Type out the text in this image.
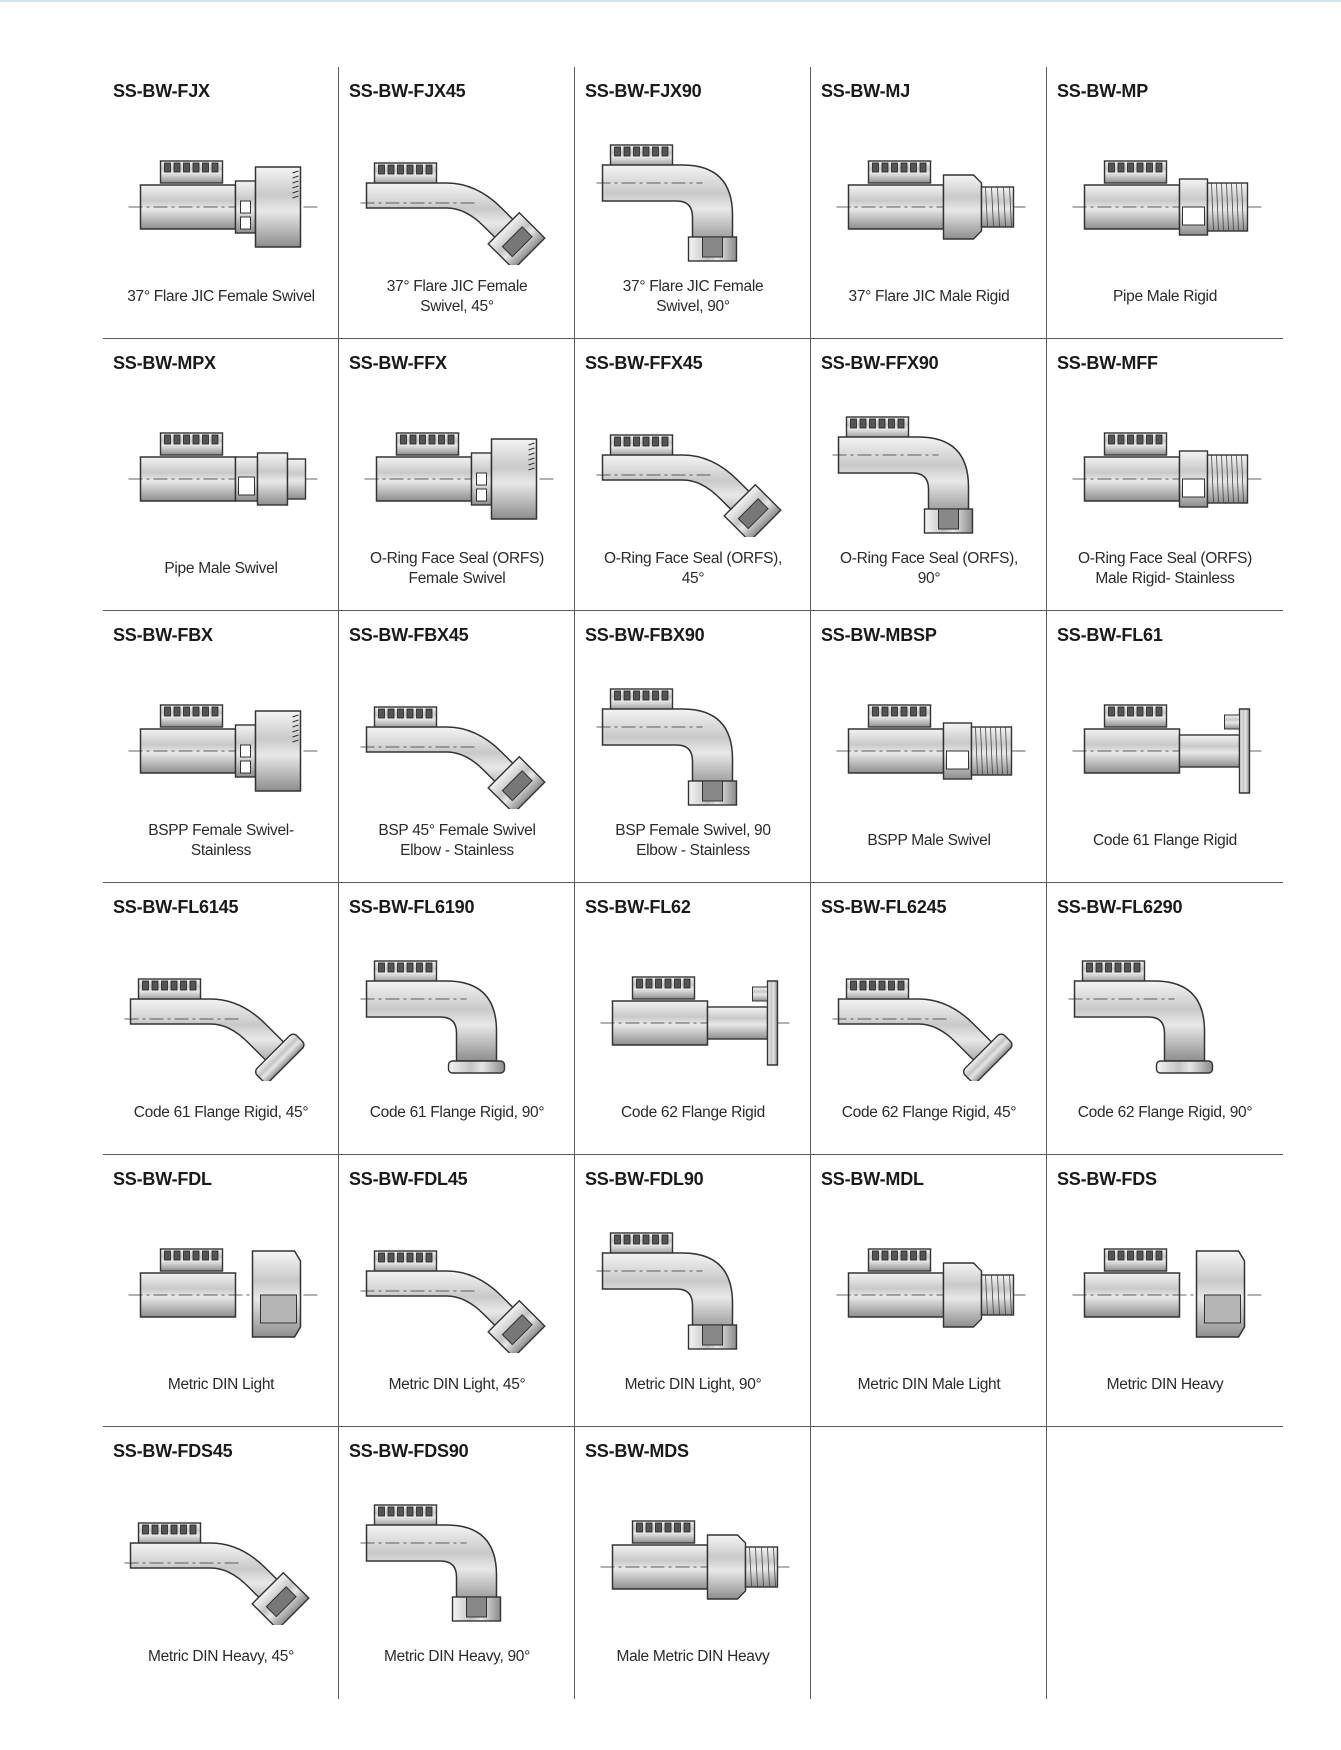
SS-BW-FJX
37° Flare JIC Female Swivel
SS-BW-FJX45
37° Flare JIC Female
Swivel, 45°
SS-BW-FJX90
37° Flare JIC Female
Swivel, 90°
SS-BW-MJ
37° Flare JIC Male Rigid
SS-BW-MP
Pipe Male Rigid
SS-BW-MPX
Pipe Male Swivel
SS-BW-FFX
O-Ring Face Seal (ORFS)
Female Swivel
SS-BW-FFX45
O-Ring Face Seal (ORFS),
45°
SS-BW-FFX90
O-Ring Face Seal (ORFS),
90°
SS-BW-MFF
O-Ring Face Seal (ORFS)
Male Rigid- Stainless
SS-BW-FBX
BSPP Female Swivel-
Stainless
SS-BW-FBX45
BSP 45° Female Swivel
Elbow - Stainless
SS-BW-FBX90
BSP Female Swivel, 90
Elbow - Stainless
SS-BW-MBSP
BSPP Male Swivel
SS-BW-FL61
Code 61 Flange Rigid
SS-BW-FL6145
Code 61 Flange Rigid, 45°
SS-BW-FL6190
Code 61 Flange Rigid, 90°
SS-BW-FL62
Code 62 Flange Rigid
SS-BW-FL6245
Code 62 Flange Rigid, 45°
SS-BW-FL6290
Code 62 Flange Rigid, 90°
SS-BW-FDL
Metric DIN Light
SS-BW-FDL45
Metric DIN Light, 45°
SS-BW-FDL90
Metric DIN Light, 90°
SS-BW-MDL
Metric DIN Male Light
SS-BW-FDS
Metric DIN Heavy
SS-BW-FDS45
Metric DIN Heavy, 45°
SS-BW-FDS90
Metric DIN Heavy, 90°
SS-BW-MDS
Male Metric DIN Heavy
